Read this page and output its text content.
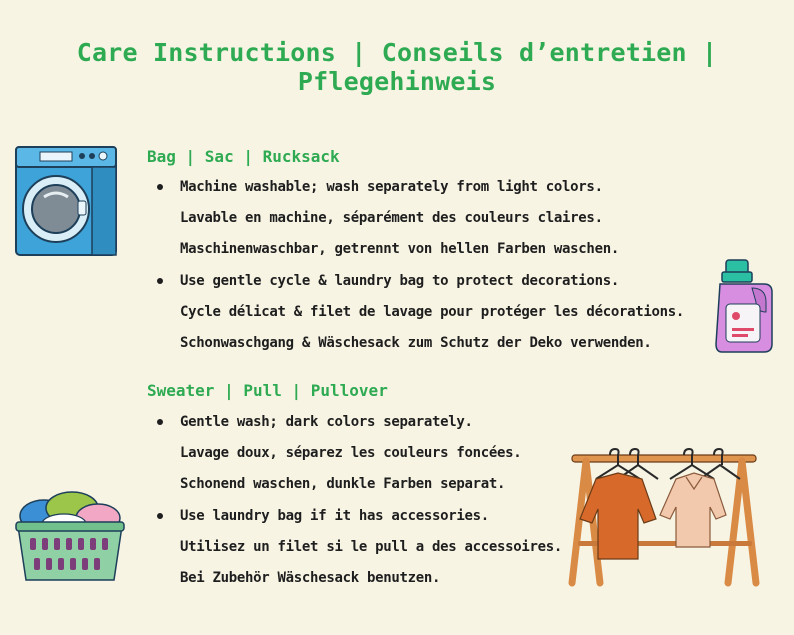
Care Instructions | Conseils d’entretien | Pflegehinweis
Bag | Sac | Rucksack
Machine washable; wash separately from light colors.
Lavable en machine, séparément des couleurs claires.
Maschinenwaschbar, getrennt von hellen Farben waschen.
Use gentle cycle & laundry bag to protect decorations.
Cycle délicat & filet de lavage pour protéger les décorations.
Schonwaschgang & Wäschesack zum Schutz der Deko verwenden.
Sweater | Pull | Pullover
Gentle wash; dark colors separately.
Lavage doux, séparez les couleurs foncées.
Schonend waschen, dunkle Farben separat.
Use laundry bag if it has accessories.
Utilisez un filet si le pull a des accessoires.
Bei Zubehör Wäschesack benutzen.
